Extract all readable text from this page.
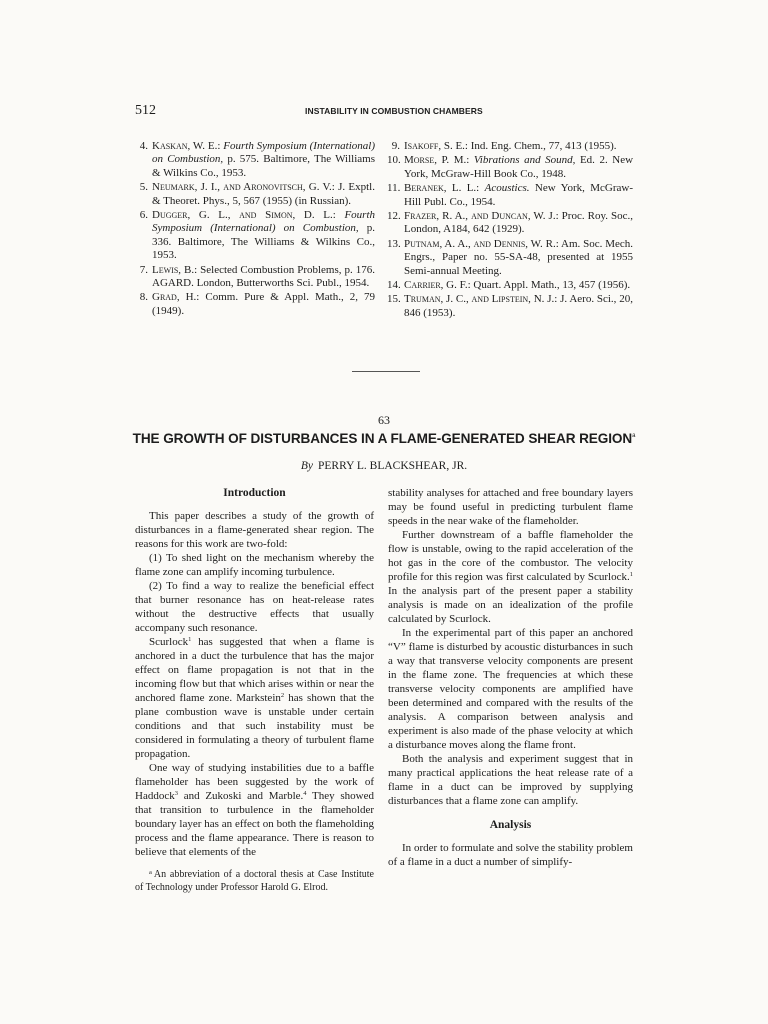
512	INSTABILITY IN COMBUSTION CHAMBERS
4. Kaskan, W. E.: Fourth Symposium (International) on Combustion, p. 575. Baltimore, The Williams & Wilkins Co., 1953.
5. Neumark, J. I., and Aronovitsch, G. V.: J. Exptl. & Theoret. Phys., 5, 567 (1955) (in Russian).
6. Dugger, G. L., and Simon, D. L.: Fourth Symposium (International) on Combustion, p. 336. Baltimore, The Williams & Wilkins Co., 1953.
7. Lewis, B.: Selected Combustion Problems, p. 176. AGARD. London, Butterworths Sci. Publ., 1954.
8. Grad, H.: Comm. Pure & Appl. Math., 2, 79 (1949).
9. Isakoff, S. E.: Ind. Eng. Chem., 77, 413 (1955).
10. Morse, P. M.: Vibrations and Sound, Ed. 2. New York, McGraw-Hill Book Co., 1948.
11. Beranek, L. L.: Acoustics. New York, McGraw-Hill Publ. Co., 1954.
12. Frazer, R. A., and Duncan, W. J.: Proc. Roy. Soc., London, A184, 642 (1929).
13. Putnam, A. A., and Dennis, W. R.: Am. Soc. Mech. Engrs., Paper no. 55-SA-48, presented at 1955 Semi-annual Meeting.
14. Carrier, G. F.: Quart. Appl. Math., 13, 457 (1956).
15. Truman, J. C., and Lipstein, N. J.: J. Aero. Sci., 20, 846 (1953).
63
THE GROWTH OF DISTURBANCES IN A FLAME-GENERATED SHEAR REGION$^a$
By PERRY L. BLACKSHEAR, JR.
Introduction

This paper describes a study of the growth of disturbances in a flame-generated shear region. The reasons for this work are two-fold:

(1) To shed light on the mechanism whereby the flame zone can amplify incoming turbulence.

(2) To find a way to realize the beneficial effect that burner resonance has on heat-release rates without the destructive effects that usually accompany such resonance.

Scurlock$^1$ has suggested that when a flame is anchored in a duct the turbulence that has the major effect on flame propagation is not that in the incoming flow but that which arises within or near the anchored flame zone. Markstein$^2$ has shown that the plane combustion wave is unstable under certain conditions and that such instability must be considered in formulating a theory of turbulent flame propagation.

One way of studying instabilities due to a baffle flameholder has been suggested by the work of Haddock$^3$ and Zukoski and Marble.$^4$ They showed that transition to turbulence in the flameholder boundary layer has an effect on both the flameholding process and the flame appearance. There is reason to believe that elements of the

$^a$ An abbreviation of a doctoral thesis at Case Institute of Technology under Professor Harold G. Elrod.

stability analyses for attached and free boundary layers may be found useful in predicting turbulent flame speeds in the near wake of the flameholder.

Further downstream of a baffle flameholder the flow is unstable, owing to the rapid acceleration of the hot gas in the core of the combustor. The velocity profile for this region was first calculated by Scurlock.$^1$ In the analysis part of the present paper a stability analysis is made on an idealization of the profile calculated by Scurlock.

In the experimental part of this paper an anchored “V” flame is disturbed by acoustic disturbances in such a way that transverse velocity components are present in the flame zone. The frequencies at which these transverse velocity components are amplified have been determined and compared with the results of the analysis. A comparison between analysis and experiment is also made of the phase velocity at which a disturbance moves along the flame front.

Both the analysis and experiment suggest that in many practical applications the heat release rate of a flame in a duct can be improved by supplying disturbances that a flame zone can amplify.

Analysis

In order to formulate and solve the stability problem of a flame in a duct a number of simplify-
